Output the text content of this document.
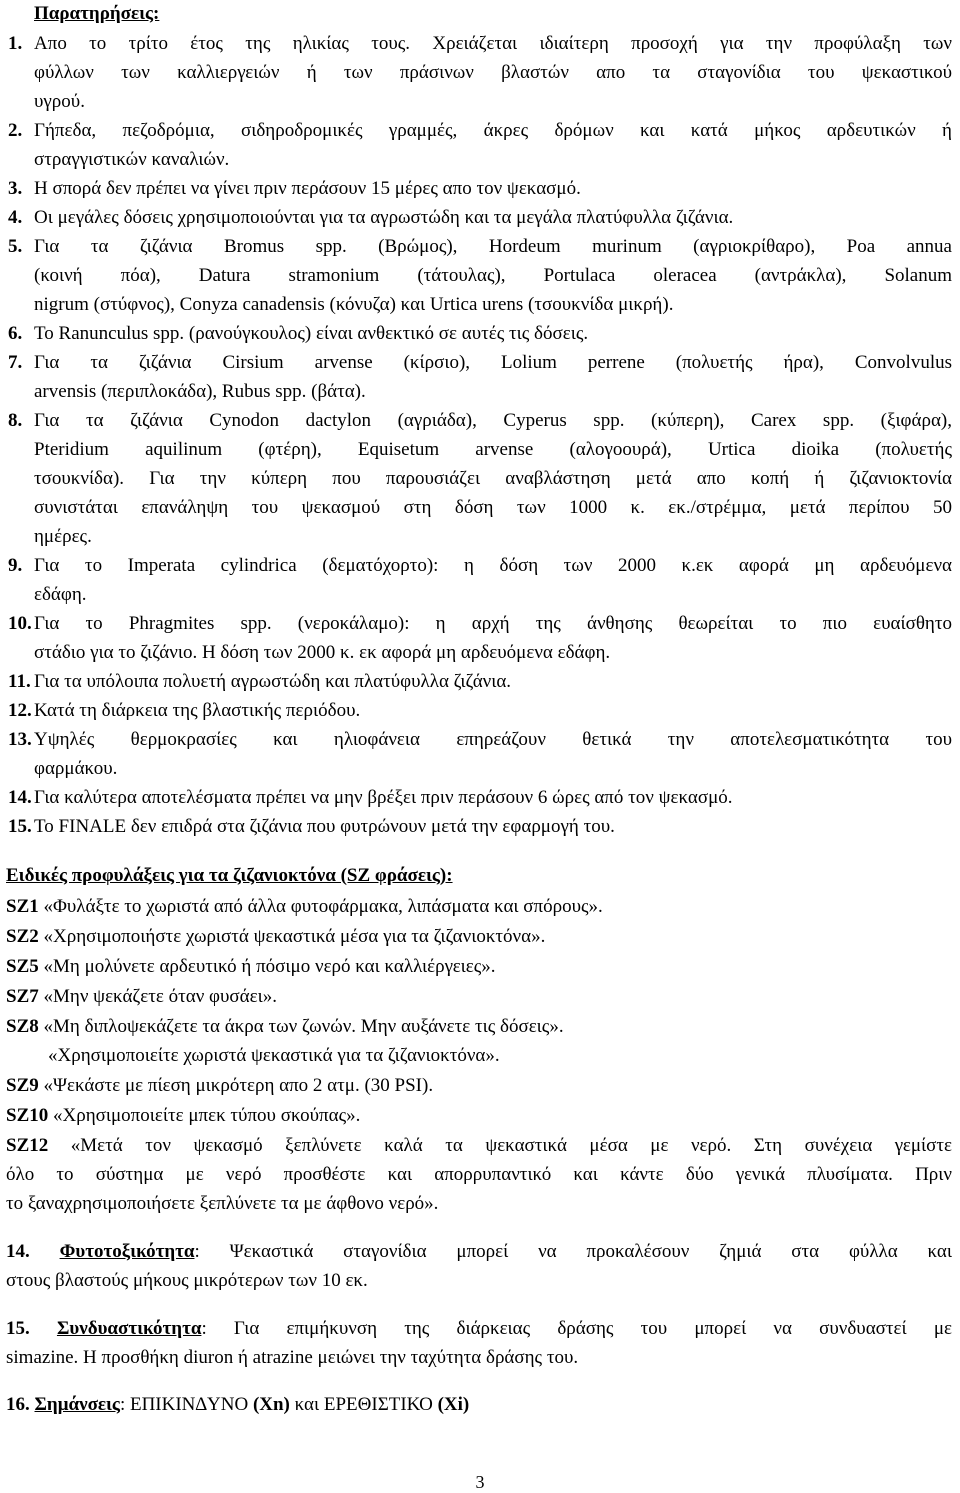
Παρατηρήσεις:
1. Απο το τρίτο έτος της ηλικίας τους. Χρειάζεται ιδιαίτερη προσοχή για την προφύλαξη των
φύλλων των καλλιεργειών ή των πράσινων βλαστών απο τα σταγονίδια του ψεκαστικού
υγρού.
2. Γήπεδα, πεζοδρόμια, σιδηροδρομικές γραμμές, άκρες δρόμων και κατά μήκος αρδευτικών ή
στραγγιστικών καναλιών.
3. Η σπορά δεν πρέπει να γίνει πριν περάσουν 15 μέρες απο τον ψεκασμό.
4. Οι μεγάλες δόσεις χρησιμοποιούνται για τα αγρωστώδη και τα μεγάλα πλατύφυλλα ζιζάνια.
5. Για τα ζιζάνια Bromus spp. (Βρώμος), Hordeum murinum (αγριοκρίθαρο), Poa annua
(κοινή πόα), Datura stramonium (τάτουλας), Portulaca oleracea (αντράκλα), Solanum
nigrum (στύφνος), Conyza canadensis (κόνυζα) και Urtica urens (τσουκνίδα μικρή).
6. Το Ranunculus spp. (ρανούγκουλος) είναι ανθεκτικό σε αυτές τις δόσεις.
7. Για τα ζιζάνια Cirsium arvense (κίρσιο), Lolium perrene (πολυετής ήρα), Convolvulus
arvensis (περιπλοκάδα), Rubus spp. (βάτα).
8. Για τα ζιζάνια Cynodon dactylon (αγριάδα), Cyperus spp. (κύπερη), Carex spp. (ξιφάρα),
Pteridium aquilinum (φτέρη), Equisetum arvense (αλογοουρά), Urtica dioika (πολυετής
τσουκνίδα). Για την κύπερη που παρουσιάζει αναβλάστηση μετά απο κοπή ή ζιζανιοκτονία
συνιστάται επανάληψη του ψεκασμού στη δόση των 1000 κ. εκ./στρέμμα, μετά περίπου 50
ημέρες.
9. Για το Imperata cylindrica (δεματόχορτο): η δόση των 2000 κ.εκ αφορά μη αρδευόμενα
εδάφη.
10. Για το Phragmites spp. (νεροκάλαμο): η αρχή της άνθησης θεωρείται το πιο ευαίσθητο
στάδιο για το ζιζάνιο. Η δόση των 2000 κ. εκ αφορά μη αρδευόμενα εδάφη.
11. Για τα υπόλοιπα πολυετή αγρωστώδη και πλατύφυλλα ζιζάνια.
12. Κατά τη διάρκεια της βλαστικής περιόδου.
13. Υψηλές θερμοκρασίες και ηλιοφάνεια επηρεάζουν θετικά την αποτελεσματικότητα του
φαρμάκου.
14. Για καλύτερα αποτελέσματα πρέπει να μην βρέξει πριν περάσουν 6 ώρες από τον ψεκασμό.
15. Το FINALE δεν επιδρά στα ζιζάνια που φυτρώνουν μετά την εφαρμογή του.
Ειδικές προφυλάξεις για τα ζιζανιοκτόνα (SZ φράσεις):
SZ1 «Φυλάξτε το χωριστά από άλλα φυτοφάρμακα, λιπάσματα και σπόρους».
SZ2 «Χρησιμοποιήστε χωριστά ψεκαστικά μέσα για τα ζιζανιοκτόνα».
SZ5 «Μη μολύνετε αρδευτικό ή πόσιμο νερό και καλλιέργειες».
SZ7 «Μην ψεκάζετε όταν φυσάει».
SZ8 «Μη διπλοψεκάζετε τα άκρα των ζωνών. Μην αυξάνετε τις δόσεις».
«Χρησιμοποιείτε χωριστά ψεκαστικά για τα ζιζανιοκτόνα».
SZ9 «Ψεκάστε με πίεση μικρότερη απο 2 ατμ. (30 PSI).
SZ10 «Χρησιμοποιείτε μπεκ τύπου σκούπας».
SZ12 «Μετά τον ψεκασμό ξεπλύνετε καλά τα ψεκαστικά μέσα με νερό. Στη συνέχεια γεμίστε
όλο το σύστημα με νερό προσθέστε και απορρυπαντικό και κάντε δύο γενικά πλυσίματα. Πριν
τo ξαναχρησιμοποιήσετε ξεπλύνετε τα με άφθονο νερό».
14. Φυτοτοξικότητα: Ψεκαστικά σταγονίδια μπορεί να προκαλέσουν ζημιά στα φύλλα και
στους βλαστούς μήκους μικρότερων των 10 εκ.
15. Συνδυαστικότητα: Για επιμήκυνση της διάρκειας δράσης του μπορεί να συνδυαστεί με
simazine. Η προσθήκη diuron ή atrazine μειώνει την ταχύτητα δράσης του.
16. Σημάνσεις: ΕΠΙΚΙΝ∆ΥΝΟ (Xn) και ΕΡΕΘΙΣΤΙΚΟ (Xi)
3
